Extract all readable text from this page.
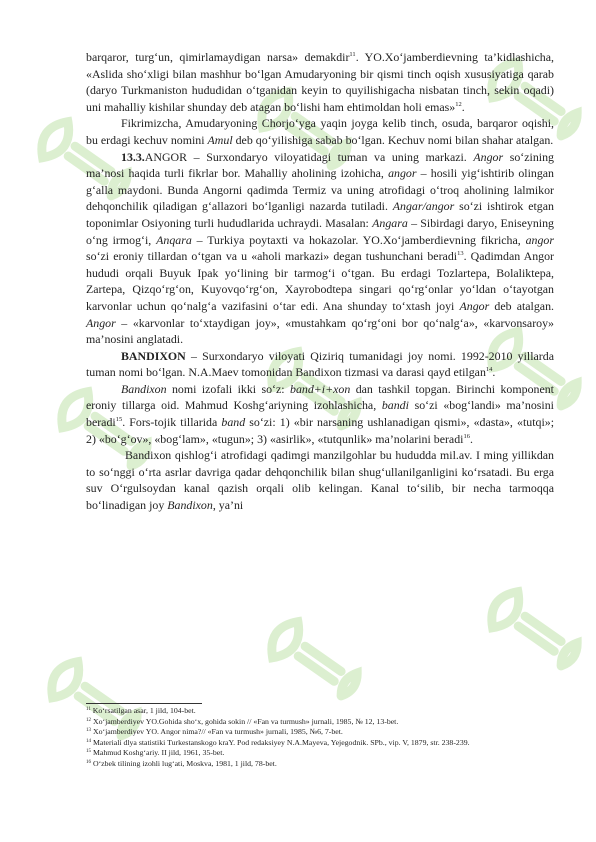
barqaror, turg‘un, qimirlamaydigan narsa» demakdir$^{11}$. YO.Xo‘jamberdievning ta’kidlashicha, «Aslida sho‘xligi bilan mashhur bo‘lgan Amudaryoning bir qismi tinch oqish xususiyatiga qarab (daryo Turkmaniston hududidan o‘tganidan keyin to quyilishigacha nisbatan tinch, sekin oqadi) uni mahalliy kishilar shunday deb atagan bo‘lishi ham ehtimoldan holi emas»$^{12}$.

Fikrimizcha, Amudaryoning Chorjo‘yga yaqin joyga kelib tinch, osuda, barqaror oqishi, bu erdagi kechuv nomini Amul deb qo‘yilishiga sabab bo‘lgan. Kechuv nomi bilan shahar atalgan.

13.3.ANGOR – Surxondaryo viloyatidagi tuman va uning markazi. Angor so‘zining ma’nosi haqida turli fikrlar bor. Mahalliy aholining izohicha, angor – hosili yig‘ishtirib olingan g‘alla maydoni. Bunda Angorni qadimda Termiz va uning atrofidagi o‘troq aholining lalmikor dehqonchilik qiladigan g‘allazori bo‘lganligi nazarda tutiladi. Angar/angor so‘zi ishtirok etgan toponimlar Osiyoning turli hududlarida uchraydi. Masalan: Angara – Sibirdagi daryo, Eniseyning o‘ng irmog‘i, Anqara – Turkiya poytaxti va hokazolar. YO.Xo‘jamberdievning fikricha, angor so‘zi eroniy tillardan o‘tgan va u «aholi markazi» degan tushunchani beradi$^{13}$. Qadimdan Angor hududi orqali Buyuk Ipak yo‘lining bir tarmog‘i o‘tgan. Bu erdagi Tozlartepa, Bolaliktepa, Zartepa, Qizqo‘rg‘on, Kuyovqo‘rg‘on, Xayrobodtepa singari qo‘rg‘onlar yo‘ldan o‘tayotgan karvonlar uchun qo‘nalg‘a vazifasini o‘tar edi. Ana shunday to‘xtash joyi Angor deb atalgan. Angor – «karvonlar to‘xtaydigan joy», «mustahkam qo‘rg‘oni bor qo‘nalg‘a», «karvonsaroy» ma’nosini anglatadi.

BANDIXON – Surxondaryo viloyati Qiziriq tumanidagi joy nomi. 1992-2010 yillarda tuman nomi bo‘lgan. N.A.Maev tomonidan Bandixon tizmasi va darasi qayd etilgan$^{14}$.

Bandixon nomi izofali ikki so‘z: band+i+xon dan tashkil topgan. Birinchi komponent eroniy tillarga oid. Mahmud Koshg‘ariyning izohlashicha, bandi so‘zi «bog‘landi» ma’nosini beradi$^{15}$. Fors-tojik tillarida band so‘zi: 1) «bir narsaning ushlanadigan qismi», «dasta», «tutqi»; 2) «bo‘g‘ov», «bog‘lam», «tugun»; 3) «asirlik», «tutqunlik» ma’nolarini beradi$^{16}$.

Bandixon qishlog‘i atrofidagi qadimgi manzilgohlar bu hududda mil.av. I ming yillikdan to so‘nggi o‘rta asrlar davriga qadar dehqonchilik bilan shug‘ullanilganligini ko‘rsatadi. Bu erga suv O‘rgulsoydan kanal qazish orqali olib kelingan. Kanal to‘silib, bir necha tarmoqqa bo‘linadigan joy Bandixon, ya’ni

$^{11}$ Ko‘rsatilgan asar, 1 jild, 104-bet.
$^{12}$ Xo‘jamberdiyev YO.Gohida sho‘x, gohida sokin // «Fan va turmush» jurnali, 1985, № 12, 13-bet.
$^{13}$ Xo‘jamberdiyev YO. Angor nima?// «Fan va turmush» jurnali, 1985, №6, 7-bet.
$^{14}$ Materiali dlya statistiki Turkestanskogo kraY. Pod redaksiyey N.A.Mayeva, Yejegodnik. SPb., vip. V, 1879, str. 238-239.
$^{15}$ Mahmud Koshg‘ariy. II jild, 1961, 35-bet.
$^{16}$ O‘zbek tilining izohli lug‘ati, Moskva, 1981, 1 jild, 78-bet.
